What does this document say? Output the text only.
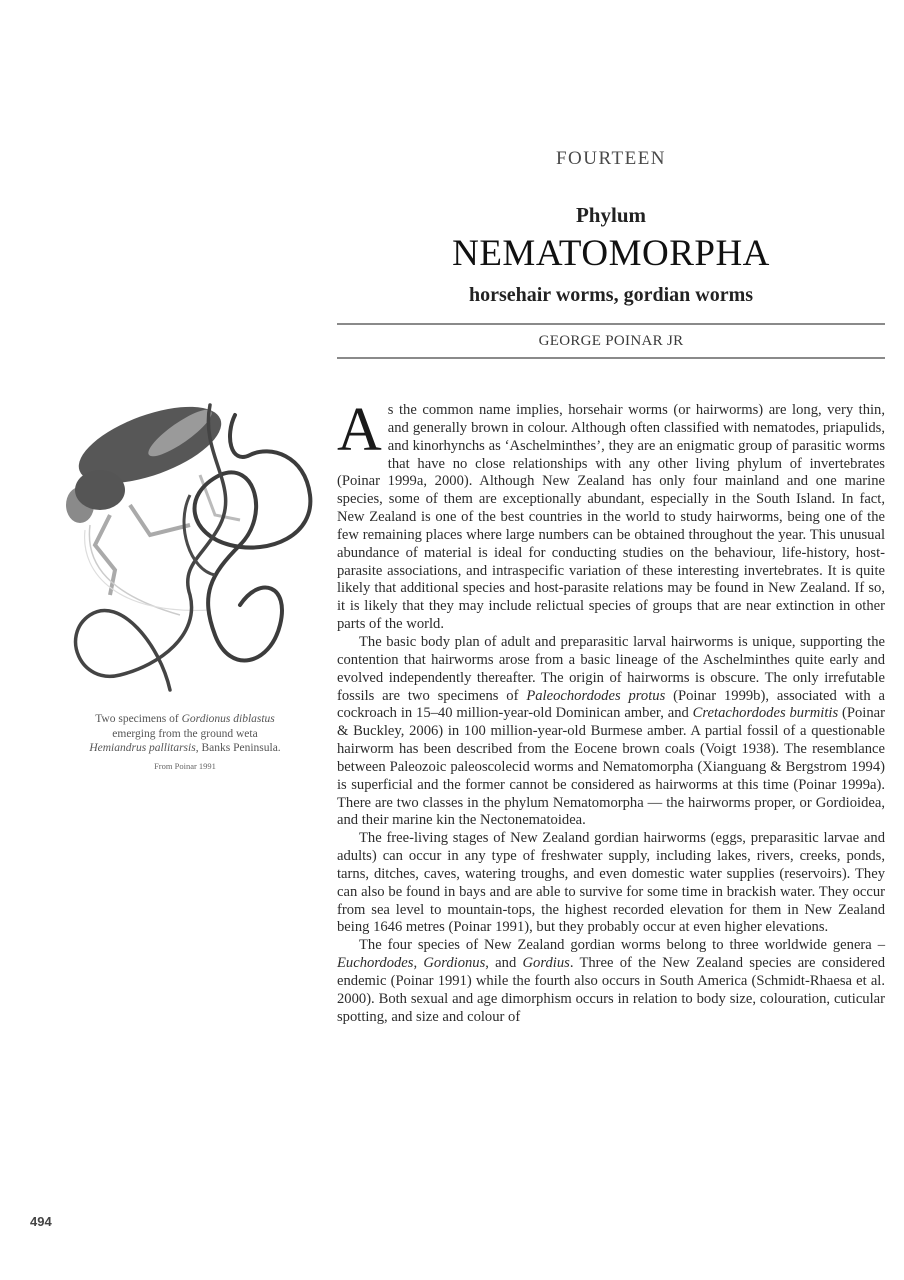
FOURTEEN
Phylum
NEMATOMORPHA
horsehair worms, gordian worms
GEORGE POINAR JR
Two specimens of Gordionus diblastus
emerging from the ground weta
Hemiandrus pallitarsis, Banks Peninsula.
From Poinar 1991

As the common name implies, horsehair worms (or hairworms) are long, very thin, and generally brown in colour. Although often classified with nematodes, priapulids, and kinorhynchs as ‘Aschelminthes’, they are an enigmatic group of parasitic worms that have no close relationships with any other living phylum of invertebrates (Poinar 1999a, 2000). Although New Zealand has only four mainland and one marine species, some of them are exceptionally abundant, especially in the South Island. In fact, New Zealand is one of the best countries in the world to study hairworms, being one of the few remaining places where large numbers can be obtained throughout the year. This unusual abundance of material is ideal for conducting studies on the behaviour, life-history, host-parasite associations, and intraspecific variation of these interesting invertebrates. It is quite likely that additional species and host-parasite relations may be found in New Zealand. If so, it is likely that they may include relictual species of groups that are near extinction in other parts of the world.

The basic body plan of adult and preparasitic larval hairworms is unique, supporting the contention that hairworms arose from a basic lineage of the Aschelminthes quite early and evolved independently thereafter. The origin of hairworms is obscure. The only irrefutable fossils are two specimens of Paleochordodes protus (Poinar 1999b), associated with a cockroach in 15–40 million-year-old Dominican amber, and Cretachordodes burmitis (Poinar & Buckley, 2006) in 100 million-year-old Burmese amber. A partial fossil of a questionable hairworm has been described from the Eocene brown coals (Voigt 1938). The resemblance between Paleozoic paleoscolecid worms and Nematomorpha (Xianguang & Bergstrom 1994) is superficial and the former cannot be considered as hairworms at this time (Poinar 1999a). There are two classes in the phylum Nematomorpha — the hairworms proper, or Gordioidea, and their marine kin the Nectonematoidea.

The free-living stages of New Zealand gordian hairworms (eggs, preparasitic larvae and adults) can occur in any type of freshwater supply, including lakes, rivers, creeks, ponds, tarns, ditches, caves, watering troughs, and even domestic water supplies (reservoirs). They can also be found in bays and are able to survive for some time in brackish water. They occur from sea level to mountain-tops, the highest recorded elevation for them in New Zealand being 1646 metres (Poinar 1991), but they probably occur at even higher elevations.

The four species of New Zealand gordian worms belong to three worldwide genera – Euchordodes, Gordionus, and Gordius. Three of the New Zealand species are considered endemic (Poinar 1991) while the fourth also occurs in South America (Schmidt-Rhaesa et al. 2000). Both sexual and age dimorphism occurs in relation to body size, colouration, cuticular spotting, and size and colour of

494
